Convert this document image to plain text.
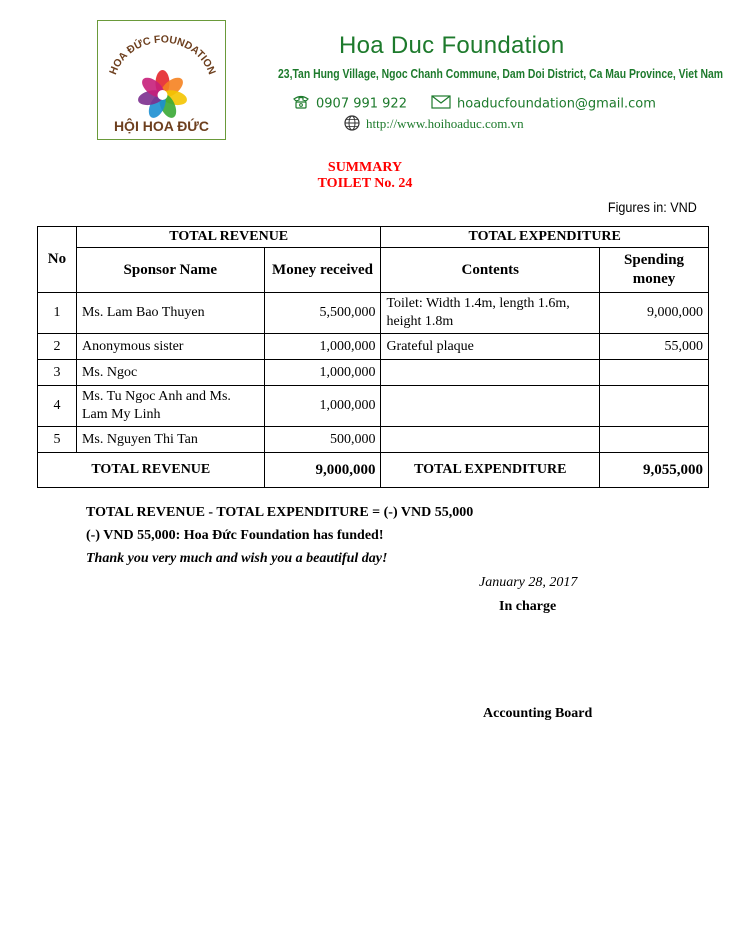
HOA ĐỨC FOUNDATION
HỘI HOA ĐỨC
Hoa Duc Foundation
23,Tan Hung Village, Ngoc Chanh Commune, Dam Doi District, Ca Mau Province, Viet Nam
0907 991 922	hoaducfoundation@gmail.com
http://www.hoihoaduc.com.vn
SUMMARY
TOILET No. 24
Figures in: VND
No	TOTAL REVENUE		TOTAL EXPENDITURE	
	Sponsor Name	Money received	Contents	Spending money
1	Ms. Lam Bao Thuyen	5,500,000	Toilet: Width 1.4m, length 1.6m, height 1.8m	9,000,000
2	Anonymous sister	1,000,000	Grateful plaque	55,000
3	Ms. Ngoc	1,000,000		
4	Ms. Tu Ngoc Anh and Ms. Lam My Linh	1,000,000		
5	Ms. Nguyen Thi Tan	500,000		
TOTAL REVENUE		9,000,000	TOTAL EXPENDITURE	9,055,000
TOTAL REVENUE - TOTAL EXPENDITURE = (-) VND 55,000
(-) VND 55,000: Hoa Đức Foundation has funded!
Thank you very much and wish you a beautiful day!
January 28, 2017
In charge
Accounting Board
